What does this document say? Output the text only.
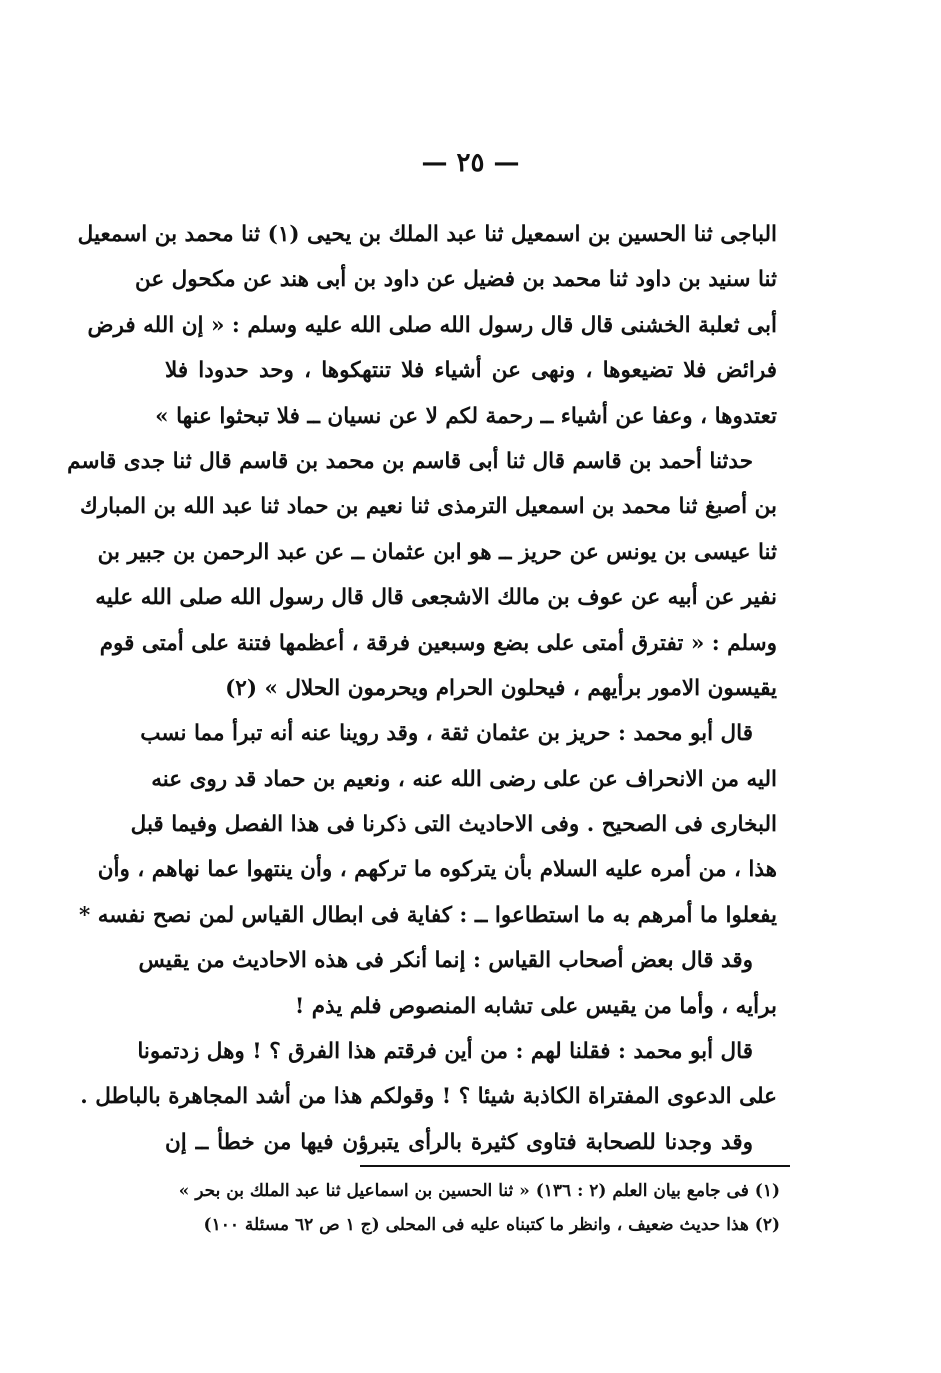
— ٢٥ —
الباجى ثنا الحسين بن اسمعيل ثنا عبد الملك بن يحيى (١) ثنا محمد بن اسمعيل
ثنا سنيد بن داود ثنا محمد بن فضيل عن داود بن أبى هند عن مكحول عن
أبى ثعلبة الخشنى قال قال رسول الله صلى الله عليه وسلم : « إن الله فرض
فرائض فلا تضيعوها ، ونهى عن أشياء فلا تنتهكوها ، وحد حدودا فلا
تعتدوها ، وعفا عن أشياء ــ رحمة لكم لا عن نسيان ــ فلا تبحثوا عنها »
حدثنا أحمد بن قاسم قال ثنا أبى قاسم بن محمد بن قاسم قال ثنا جدى قاسم
بن أصبغ ثنا محمد بن اسمعيل الترمذى ثنا نعيم بن حماد ثنا عبد الله بن المبارك
ثنا عيسى بن يونس عن حريز ــ هو ابن عثمان ــ عن عبد الرحمن بن جبير بن
نفير عن أبيه عن عوف بن مالك الاشجعى قال قال رسول الله صلى الله عليه
وسلم : « تفترق أمتى على بضع وسبعين فرقة ، أعظمها فتنة على أمتى قوم
يقيسون الامور برأيهم ، فيحلون الحرام ويحرمون الحلال » (٢)
قال أبو محمد : حريز بن عثمان ثقة ، وقد روينا عنه أنه تبرأ مما نسب
اليه من الانحراف عن على رضى الله عنه ، ونعيم بن حماد قد روى عنه
البخارى فى الصحيح . وفى الاحاديث التى ذكرنا فى هذا الفصل وفيما قبل
هذا ، من أمره عليه السلام بأن يتركوه ما تركهم ، وأن ينتهوا عما نهاهم ، وأن
يفعلوا ما أمرهم به ما استطاعوا ــ : كفاية فى ابطال القياس لمن نصح نفسه *
وقد قال بعض أصحاب القياس : إنما أنكر فى هذه الاحاديث من يقيس
برأيه ، وأما من يقيس على تشابه المنصوص فلم يذم !
قال أبو محمد : فقلنا لهم : من أين فرقتم هذا الفرق ؟ ! وهل زدتمونا
على الدعوى المفتراة الكاذبة شيئا ؟ ! وقولكم هذا من أشد المجاهرة بالباطل .
وقد وجدنا للصحابة فتاوى كثيرة بالرأى يتبرؤن فيها من خطأ ــ إن
(١) فى جامع بيان العلم (٢ : ١٣٦) « ثنا الحسين بن اسماعيل ثنا عبد الملك بن بحر »
(٢) هذا حديث ضعيف ، وانظر ما كتبناه عليه فى المحلى (ج ١ ص ٦٢ مسئلة ١٠٠)
